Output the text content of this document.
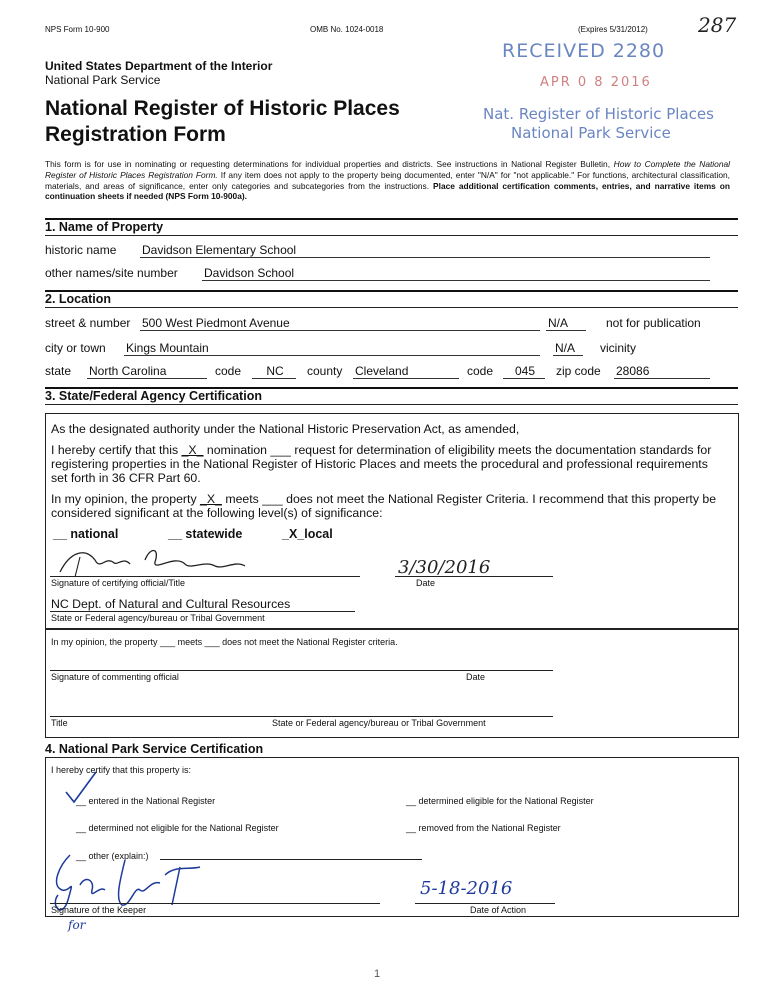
NPS Form 10-900	OMB No. 1024-0018	(Expires 5/31/2012)	287
United States Department of the Interior
National Park Service
National Register of Historic Places
Registration Form
RECEIVED 2280
APR 0 8 2016
Nat. Register of Historic Places
National Park Service
This form is for use in nominating or requesting determinations for individual properties and districts. See instructions in National Register Bulletin, How to Complete the National Register of Historic Places Registration Form. If any item does not apply to the property being documented, enter "N/A" for "not applicable." For functions, architectural classification, materials, and areas of significance, enter only categories and subcategories from the instructions. Place additional certification comments, entries, and narrative items on continuation sheets if needed (NPS Form 10-900a).
1. Name of Property
historic name Davidson Elementary School
other names/site number Davidson School
2. Location
street & number 500 West Piedmont Avenue	N/A	not for publication
city or town Kings Mountain	N/A	vicinity
state North Carolina	code	NC	county Cleveland	code	045	zip code 28086
3. State/Federal Agency Certification
As the designated authority under the National Historic Preservation Act, as amended,
I hereby certify that this _X_ nomination ___ request for determination of eligibility meets the documentation standards for registering properties in the National Register of Historic Places and meets the procedural and professional requirements set forth in 36 CFR Part 60.
In my opinion, the property _X_ meets ___ does not meet the National Register Criteria. I recommend that this property be considered significant at the following level(s) of significance:
__ national	__ statewide	_X_local
Signature of certifying official/Title
3/30/2016
Date
NC Dept. of Natural and Cultural Resources
State or Federal agency/bureau or Tribal Government
In my opinion, the property ___ meets ___ does not meet the National Register criteria.
Signature of commenting official	Date
Title	State or Federal agency/bureau or Tribal Government
4. National Park Service Certification
I hereby certify that this property is:
__ entered in the National Register	__ determined eligible for the National Register
__ determined not eligible for the National Register	__ removed from the National Register
__ other (explain:)
for
Signature of the Keeper
5-18-2016
Date of Action
1
